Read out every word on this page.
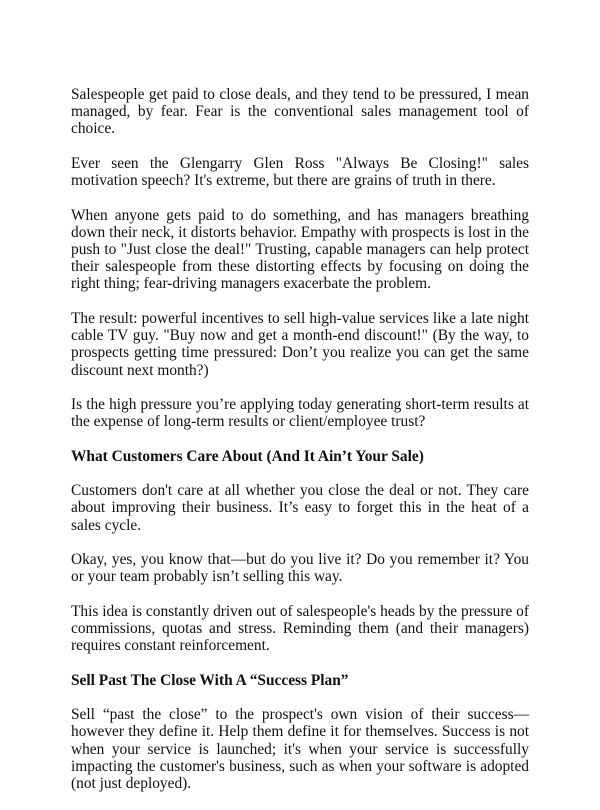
Salespeople get paid to close deals, and they tend to be pressured, I mean managed, by fear. Fear is the conventional sales management tool of choice.

Ever seen the Glengarry Glen Ross "Always Be Closing!" sales motivation speech? It's extreme, but there are grains of truth in there.

When anyone gets paid to do something, and has managers breathing down their neck, it distorts behavior. Empathy with prospects is lost in the push to "Just close the deal!" Trusting, capable managers can help protect their salespeople from these distorting effects by focusing on doing the right thing; fear-driving managers exacerbate the problem.

The result: powerful incentives to sell high-value services like a late night cable TV guy. "Buy now and get a month-end discount!" (By the way, to prospects getting time pressured: Don’t you realize you can get the same discount next month?)

Is the high pressure you’re applying today generating short-term results at the expense of long-term results or client/employee trust?

What Customers Care About (And It Ain’t Your Sale)

Customers don't care at all whether you close the deal or not. They care about improving their business. It’s easy to forget this in the heat of a sales cycle.

Okay, yes, you know that—but do you live it? Do you remember it? You or your team probably isn’t selling this way.

This idea is constantly driven out of salespeople's heads by the pressure of commissions, quotas and stress. Reminding them (and their managers) requires constant reinforcement.

Sell Past The Close With A “Success Plan”

Sell “past the close” to the prospect's own vision of their success—however they define it. Help them define it for themselves. Success is not when your service is launched; it's when your service is successfully impacting the customer's business, such as when your software is adopted (not just deployed).
